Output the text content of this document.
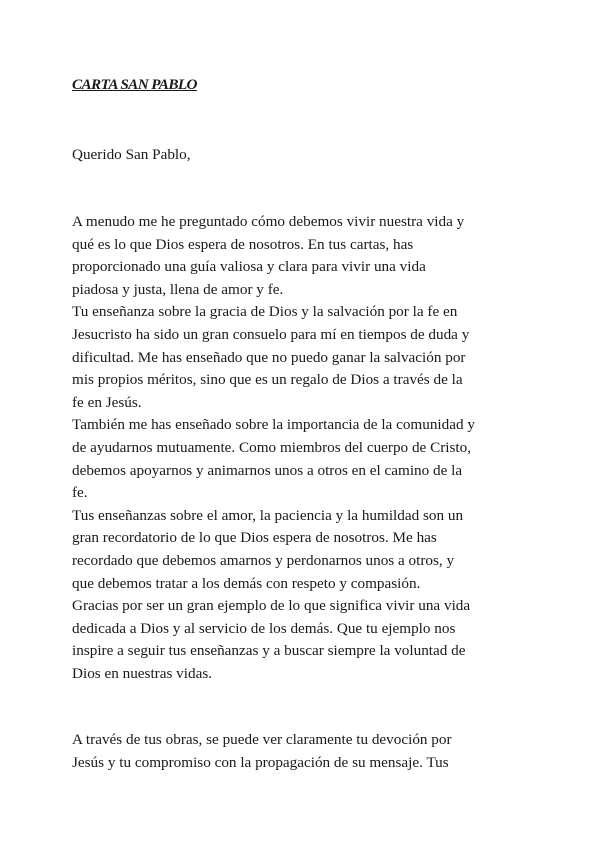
CARTA SAN PABLO

Querido San Pablo,

A menudo me he preguntado cómo debemos vivir nuestra vida y
qué es lo que Dios espera de nosotros. En tus cartas, has
proporcionado una guía valiosa y clara para vivir una vida
piadosa y justa, llena de amor y fe.
Tu enseñanza sobre la gracia de Dios y la salvación por la fe en
Jesucristo ha sido un gran consuelo para mí en tiempos de duda y
dificultad. Me has enseñado que no puedo ganar la salvación por
mis propios méritos, sino que es un regalo de Dios a través de la
fe en Jesús.
También me has enseñado sobre la importancia de la comunidad y
de ayudarnos mutuamente. Como miembros del cuerpo de Cristo,
debemos apoyarnos y animarnos unos a otros en el camino de la
fe.
Tus enseñanzas sobre el amor, la paciencia y la humildad son un
gran recordatorio de lo que Dios espera de nosotros. Me has
recordado que debemos amarnos y perdonarnos unos a otros, y
que debemos tratar a los demás con respeto y compasión.
Gracias por ser un gran ejemplo de lo que significa vivir una vida
dedicada a Dios y al servicio de los demás. Que tu ejemplo nos
inspire a seguir tus enseñanzas y a buscar siempre la voluntad de
Dios en nuestras vidas.
A través de tus obras, se puede ver claramente tu devoción por
Jesús y tu compromiso con la propagación de su mensaje. Tus
